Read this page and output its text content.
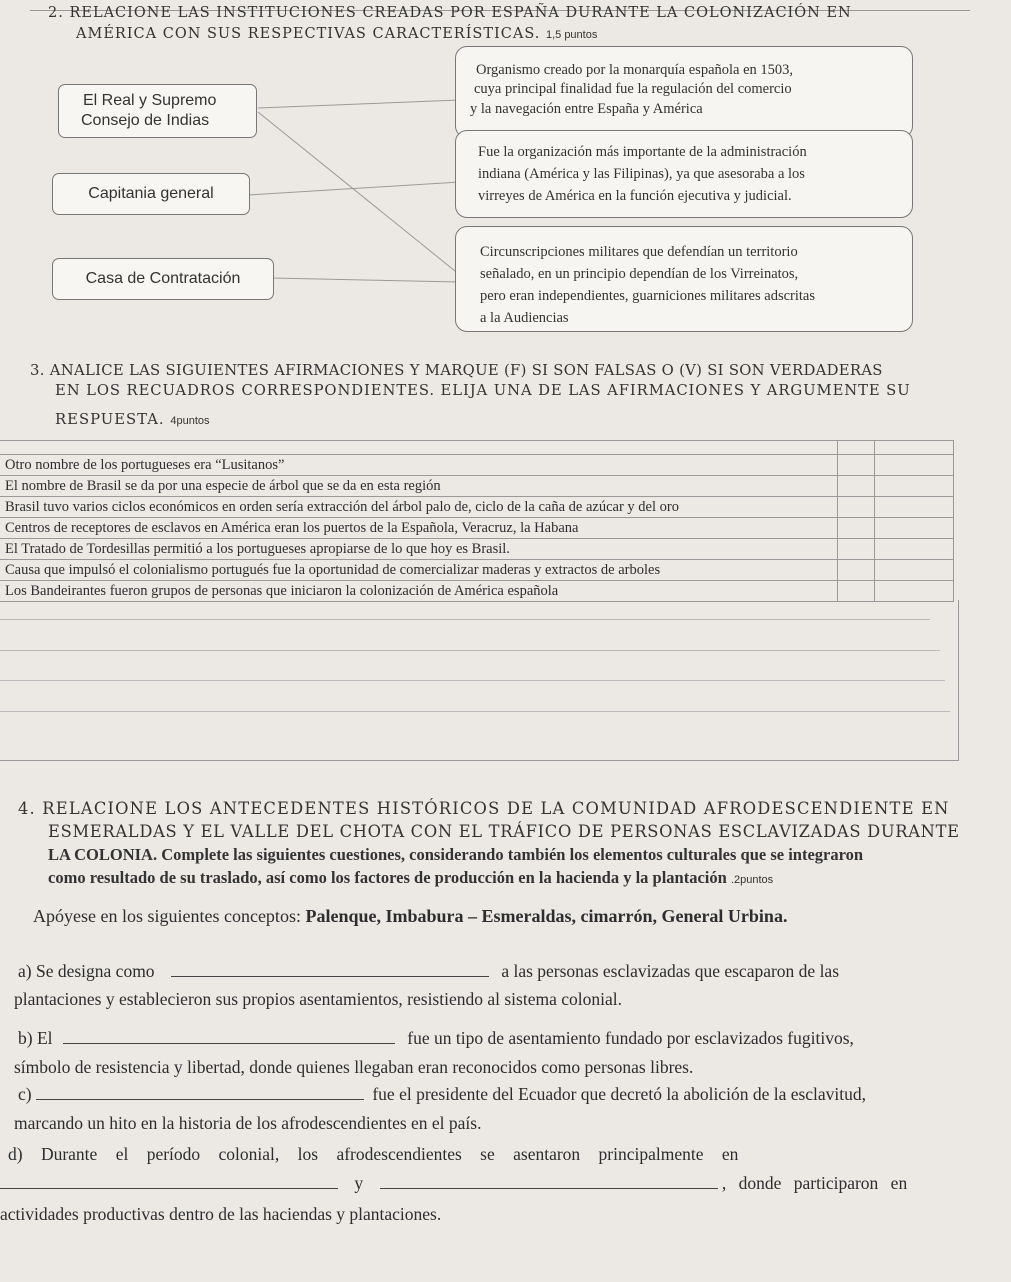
2. RELACIONE LAS INSTITUCIONES CREADAS POR ESPAÑA DURANTE LA COLONIZACIÓN EN
AMÉRICA CON SUS RESPECTIVAS CARACTERÍSTICAS. 1,5 puntos
El Real y Supremo
Consejo de Indias
Capitania general
Casa de Contratación
Organismo creado por la monarquía española en 1503,
cuya principal finalidad fue la regulación del comercio
y la navegación entre España y América
Fue la organización más importante de la administración
indiana (América y las Filipinas), ya que asesoraba a los
virreyes de América en la función ejecutiva y judicial.
Circunscripciones militares que defendían un territorio
señalado, en un principio dependían de los Virreinatos,
pero eran independientes, guarniciones militares adscritas
a la Audiencias
3. ANALICE LAS SIGUIENTES AFIRMACIONES Y MARQUE (F) SI SON FALSAS O (V) SI SON VERDADERAS
EN LOS RECUADROS CORRESPONDIENTES. ELIJA UNA DE LAS AFIRMACIONES Y ARGUMENTE SU
RESPUESTA. 4puntos

Otro nombre de los portugueses era “Lusitanos”		
El nombre de Brasil se da por una especie de árbol que se da en esta región		
Brasil tuvo varios ciclos económicos en orden sería extracción del árbol palo de, ciclo de la caña de azúcar y del oro		
Centros de receptores de esclavos en América eran los puertos de la Española, Veracruz, la Habana		
El Tratado de Tordesillas permitió a los portugueses apropiarse de lo que hoy es Brasil.		
Causa que impulsó el colonialismo portugués fue la oportunidad de comercializar maderas y extractos de arboles		
Los Bandeirantes fueron grupos de personas que iniciaron la colonización de América española		
4. RELACIONE LOS ANTECEDENTES HISTÓRICOS DE LA COMUNIDAD AFRODESCENDIENTE EN
ESMERALDAS Y EL VALLE DEL CHOTA CON EL TRÁFICO DE PERSONAS ESCLAVIZADAS DURANTE
LA COLONIA. Complete las siguientes cuestiones, considerando también los elementos culturales que se integraron
como resultado de su traslado, así como los factores de producción en la hacienda y la plantación .2puntos
Apóyese en los siguientes conceptos: Palenque, Imbabura – Esmeraldas, cimarrón, General Urbina.
a) Se designa como	a las personas esclavizadas que escaparon de las
plantaciones y establecieron sus propios asentamientos, resistiendo al sistema colonial.
b) El	fue un tipo de asentamiento fundado por esclavizados fugitivos,
símbolo de resistencia y libertad, donde quienes llegaban eran reconocidos como personas libres.
c)	fue el presidente del Ecuador que decretó la abolición de la esclavitud,
marcando un hito en la historia de los afrodescendientes en el país.
d) Durante el período colonial, los afrodescendientes se asentaron principalmente en
y	, donde participaron en
actividades productivas dentro de las haciendas y plantaciones.
